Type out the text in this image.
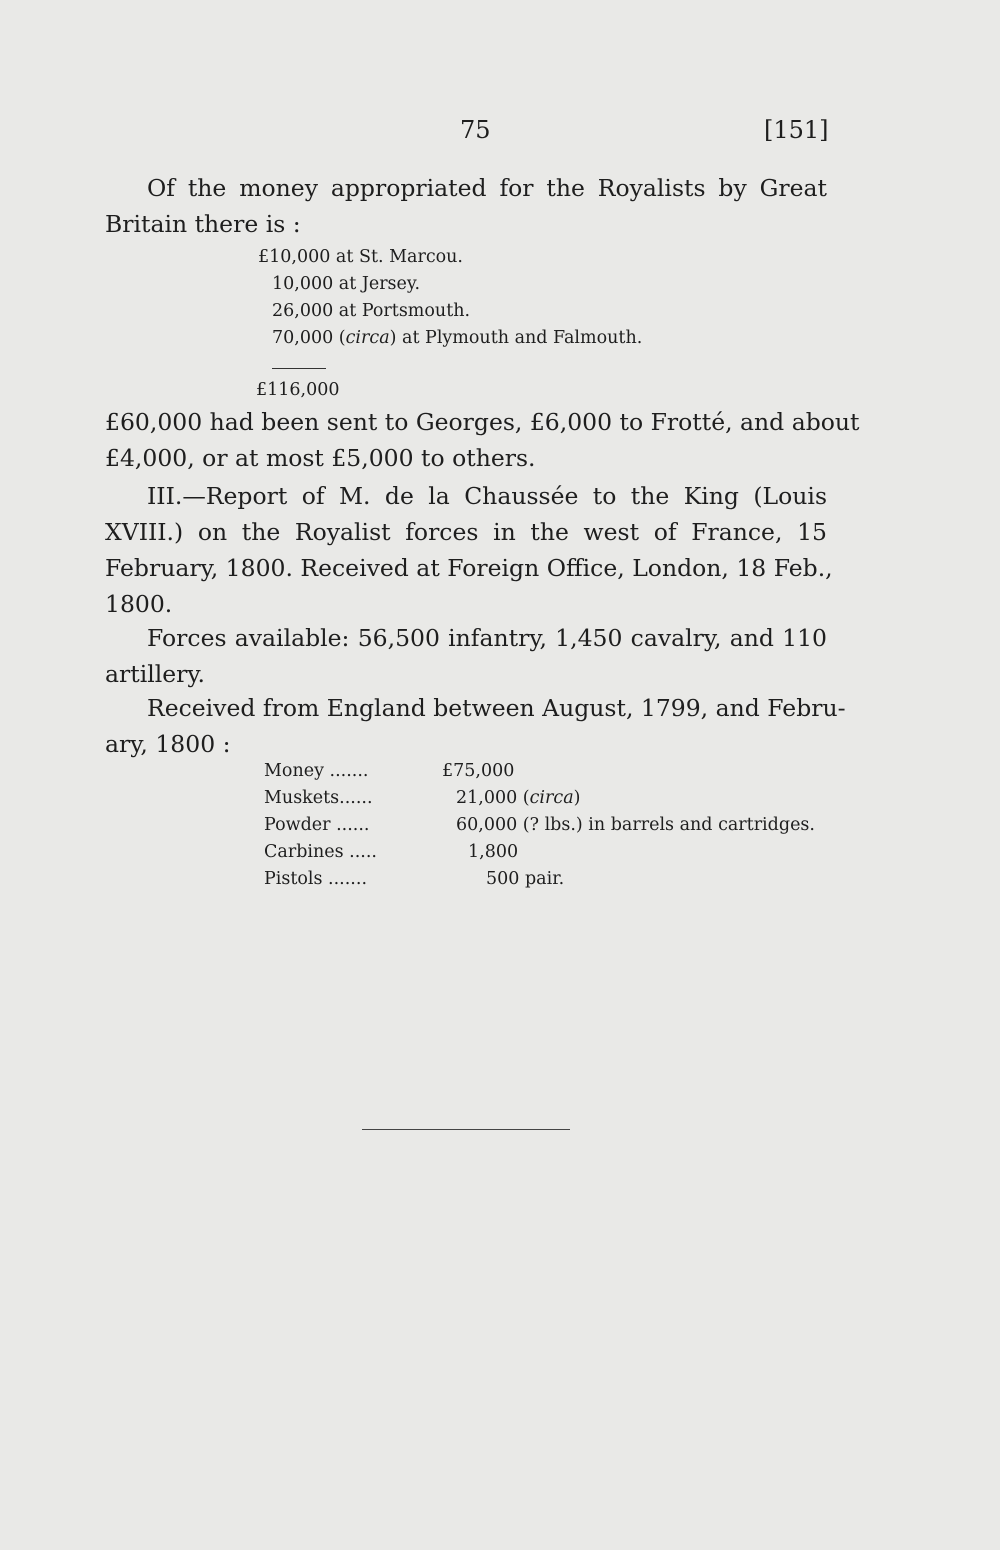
75	[151]
Of the money appropriated for the Royalists by Great
Britain there is :
£10,000 at St. Marcou.
10,000 at Jersey.
26,000 at Portsmouth.
70,000 (circa) at Plymouth and Falmouth.
£116,000
£60,000 had been sent to Georges, £6,000 to Frotté, and about
£4,000, or at most £5,000 to others.
III.—Report of M. de la Chaussée to the King (Louis
XVIII.) on the Royalist forces in the west of France, 15
February, 1800. Received at Foreign Office, London, 18 Feb.,
1800.
Forces available: 56,500 infantry, 1,450 cavalry, and 110
artillery.
Received from England between August, 1799, and Febru-
ary, 1800 :
Money .......	£75,000
Muskets......	21,000 (circa)
Powder ......	60,000 (? lbs.) in barrels and cartridges.
Carbines .....	1,800
Pistols .......	500 pair.
